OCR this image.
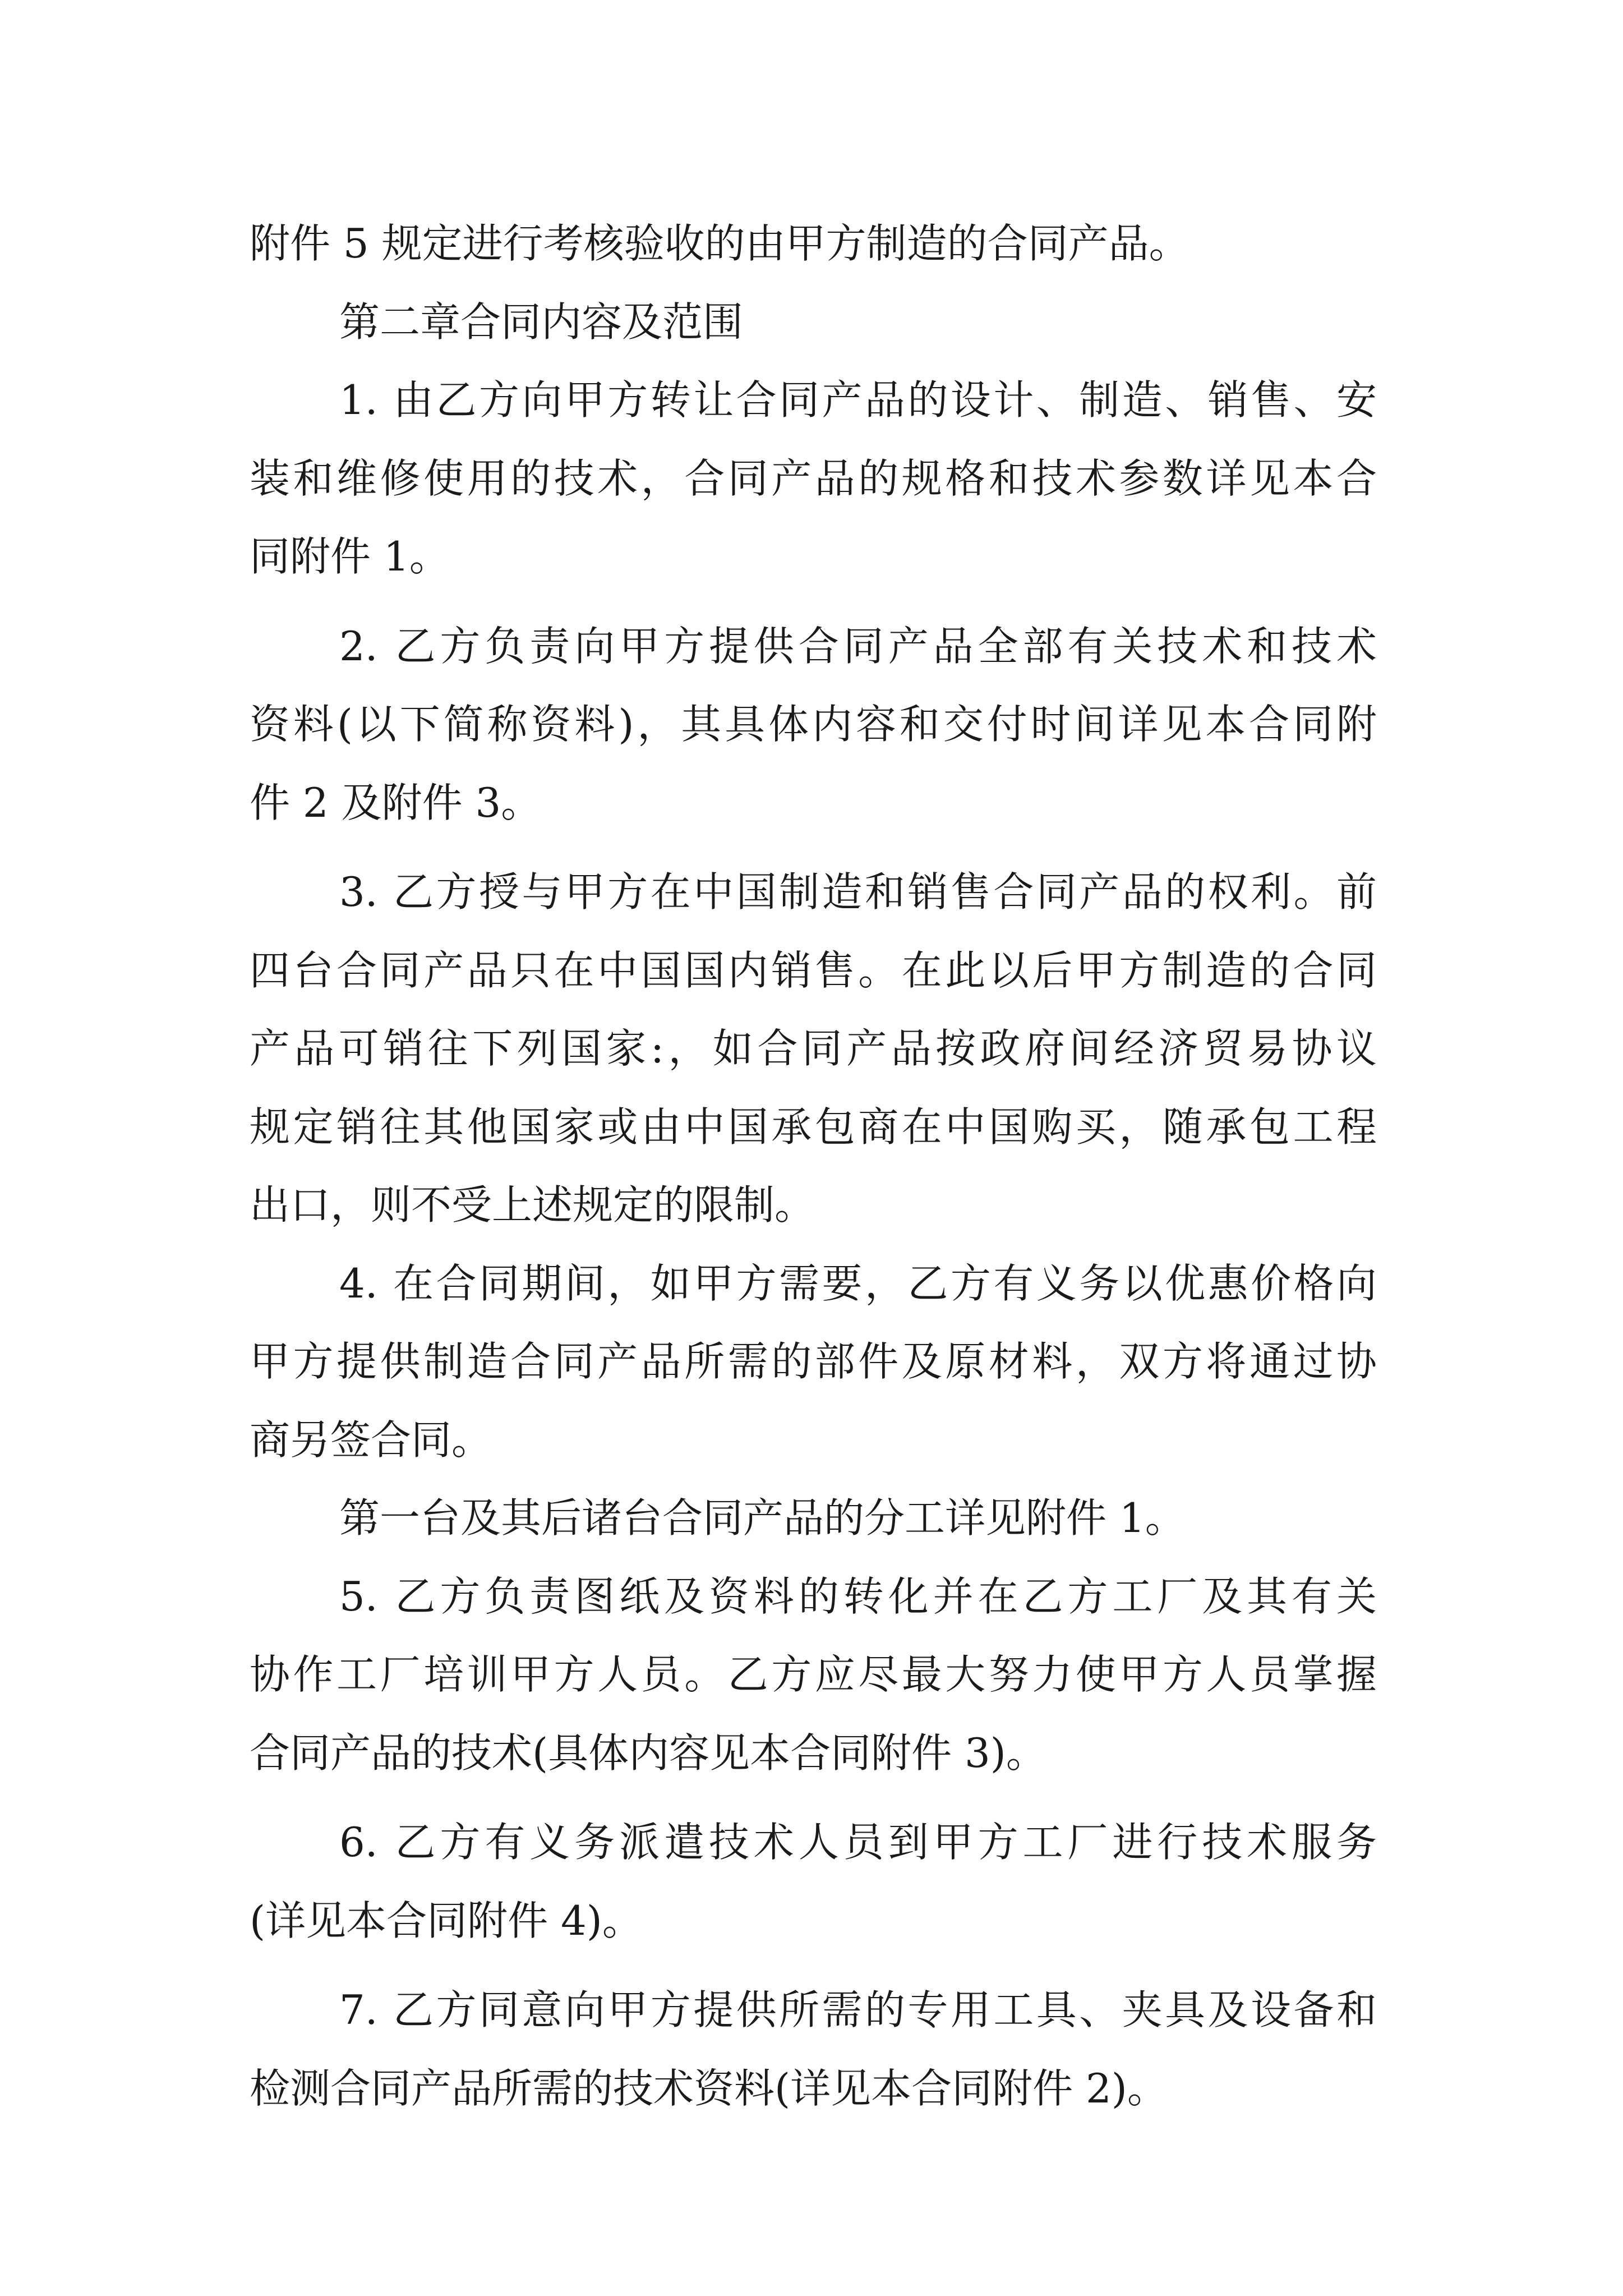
附件 5 规定进行考核验收的由甲方制造的合同产品。
第二章合同内容及范围
1. 由乙方向甲方转让合同产品的设计、制造、销售、安
装和维修使用的技术，合同产品的规格和技术参数详见本合
同附件 1。
2. 乙方负责向甲方提供合同产品全部有关技术和技术
资料(以下简称资料)，其具体内容和交付时间详见本合同附
件 2 及附件 3。
3. 乙方授与甲方在中国制造和销售合同产品的权利。前
四台合同产品只在中国国内销售。在此以后甲方制造的合同
产品可销往下列国家:，如合同产品按政府间经济贸易协议
规定销往其他国家或由中国承包商在中国购买，随承包工程
出口，则不受上述规定的限制。
4. 在合同期间，如甲方需要，乙方有义务以优惠价格向
甲方提供制造合同产品所需的部件及原材料，双方将通过协
商另签合同。
第一台及其后诸台合同产品的分工详见附件 1。
5. 乙方负责图纸及资料的转化并在乙方工厂及其有关
协作工厂培训甲方人员。乙方应尽最大努力使甲方人员掌握
合同产品的技术(具体内容见本合同附件 3)。
6. 乙方有义务派遣技术人员到甲方工厂进行技术服务
(详见本合同附件 4)。
7. 乙方同意向甲方提供所需的专用工具、夹具及设备和
检测合同产品所需的技术资料(详见本合同附件 2)。
